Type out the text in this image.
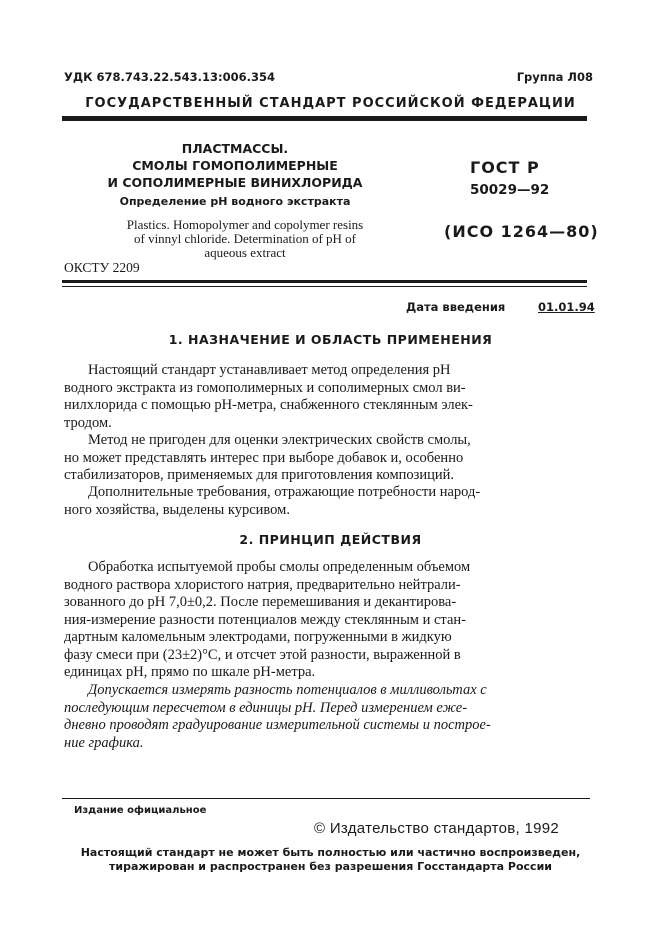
УДК 678.743.22.543.13:006.354	Группа Л08
ГОСУДАРСТВЕННЫЙ СТАНДАРТ РОССИЙСКОЙ ФЕДЕРАЦИИ
ПЛАСТМАССЫ.
СМОЛЫ ГОМОПОЛИМЕРНЫЕ
И СОПОЛИМЕРНЫЕ ВИНИХЛОРИДА
Определение pH водного экстракта
Plastics. Homopolymer and copolymer resins
of vinnyl chloride. Determination of pH of
aqueous extract
ОКСТУ 2209
ГОСТ Р
50029—92
(ИСО 1264—80)
Дата введения	01.01.94
1. НАЗНАЧЕНИЕ И ОБЛАСТЬ ПРИМЕНЕНИЯ
Настоящий стандарт устанавливает метод определения pH
водного экстракта из гомополимерных и сополимерных смол ви-
нилхлорида с помощью pH-метра, снабженного стеклянным элек-
тродом.
Метод не пригоден для оценки электрических свойств смолы,
но может представлять интерес при выборе добавок и, особенно
стабилизаторов, применяемых для приготовления композиций.
Дополнительные требования, отражающие потребности народ-
ного хозяйства, выделены курсивом.
2. ПРИНЦИП ДЕЙСТВИЯ
Обработка испытуемой пробы смолы определенным объемом
водного раствора хлористого натрия, предварительно нейтрали-
зованного до pH 7,0±0,2. После перемешивания и декантирова-
ния-измерение разности потенциалов между стеклянным и стан-
дартным каломельным электродами, погруженными в жидкую
фазу смеси при (23±2)°С, и отсчет этой разности, выраженной в
единицах pH, прямо по шкале pH-метра.
Допускается измерять разность потенциалов в милливольтах с
последующим пересчетом в единицы pH. Перед измерением еже-
дневно проводят градуирование измерительной системы и построе-
ние графика.
Издание официальное
© Издательство стандартов, 1992
Настоящий стандарт не может быть полностью или частично воспроизведен,
тиражирован и распространен без разрешения Госстандарта России
